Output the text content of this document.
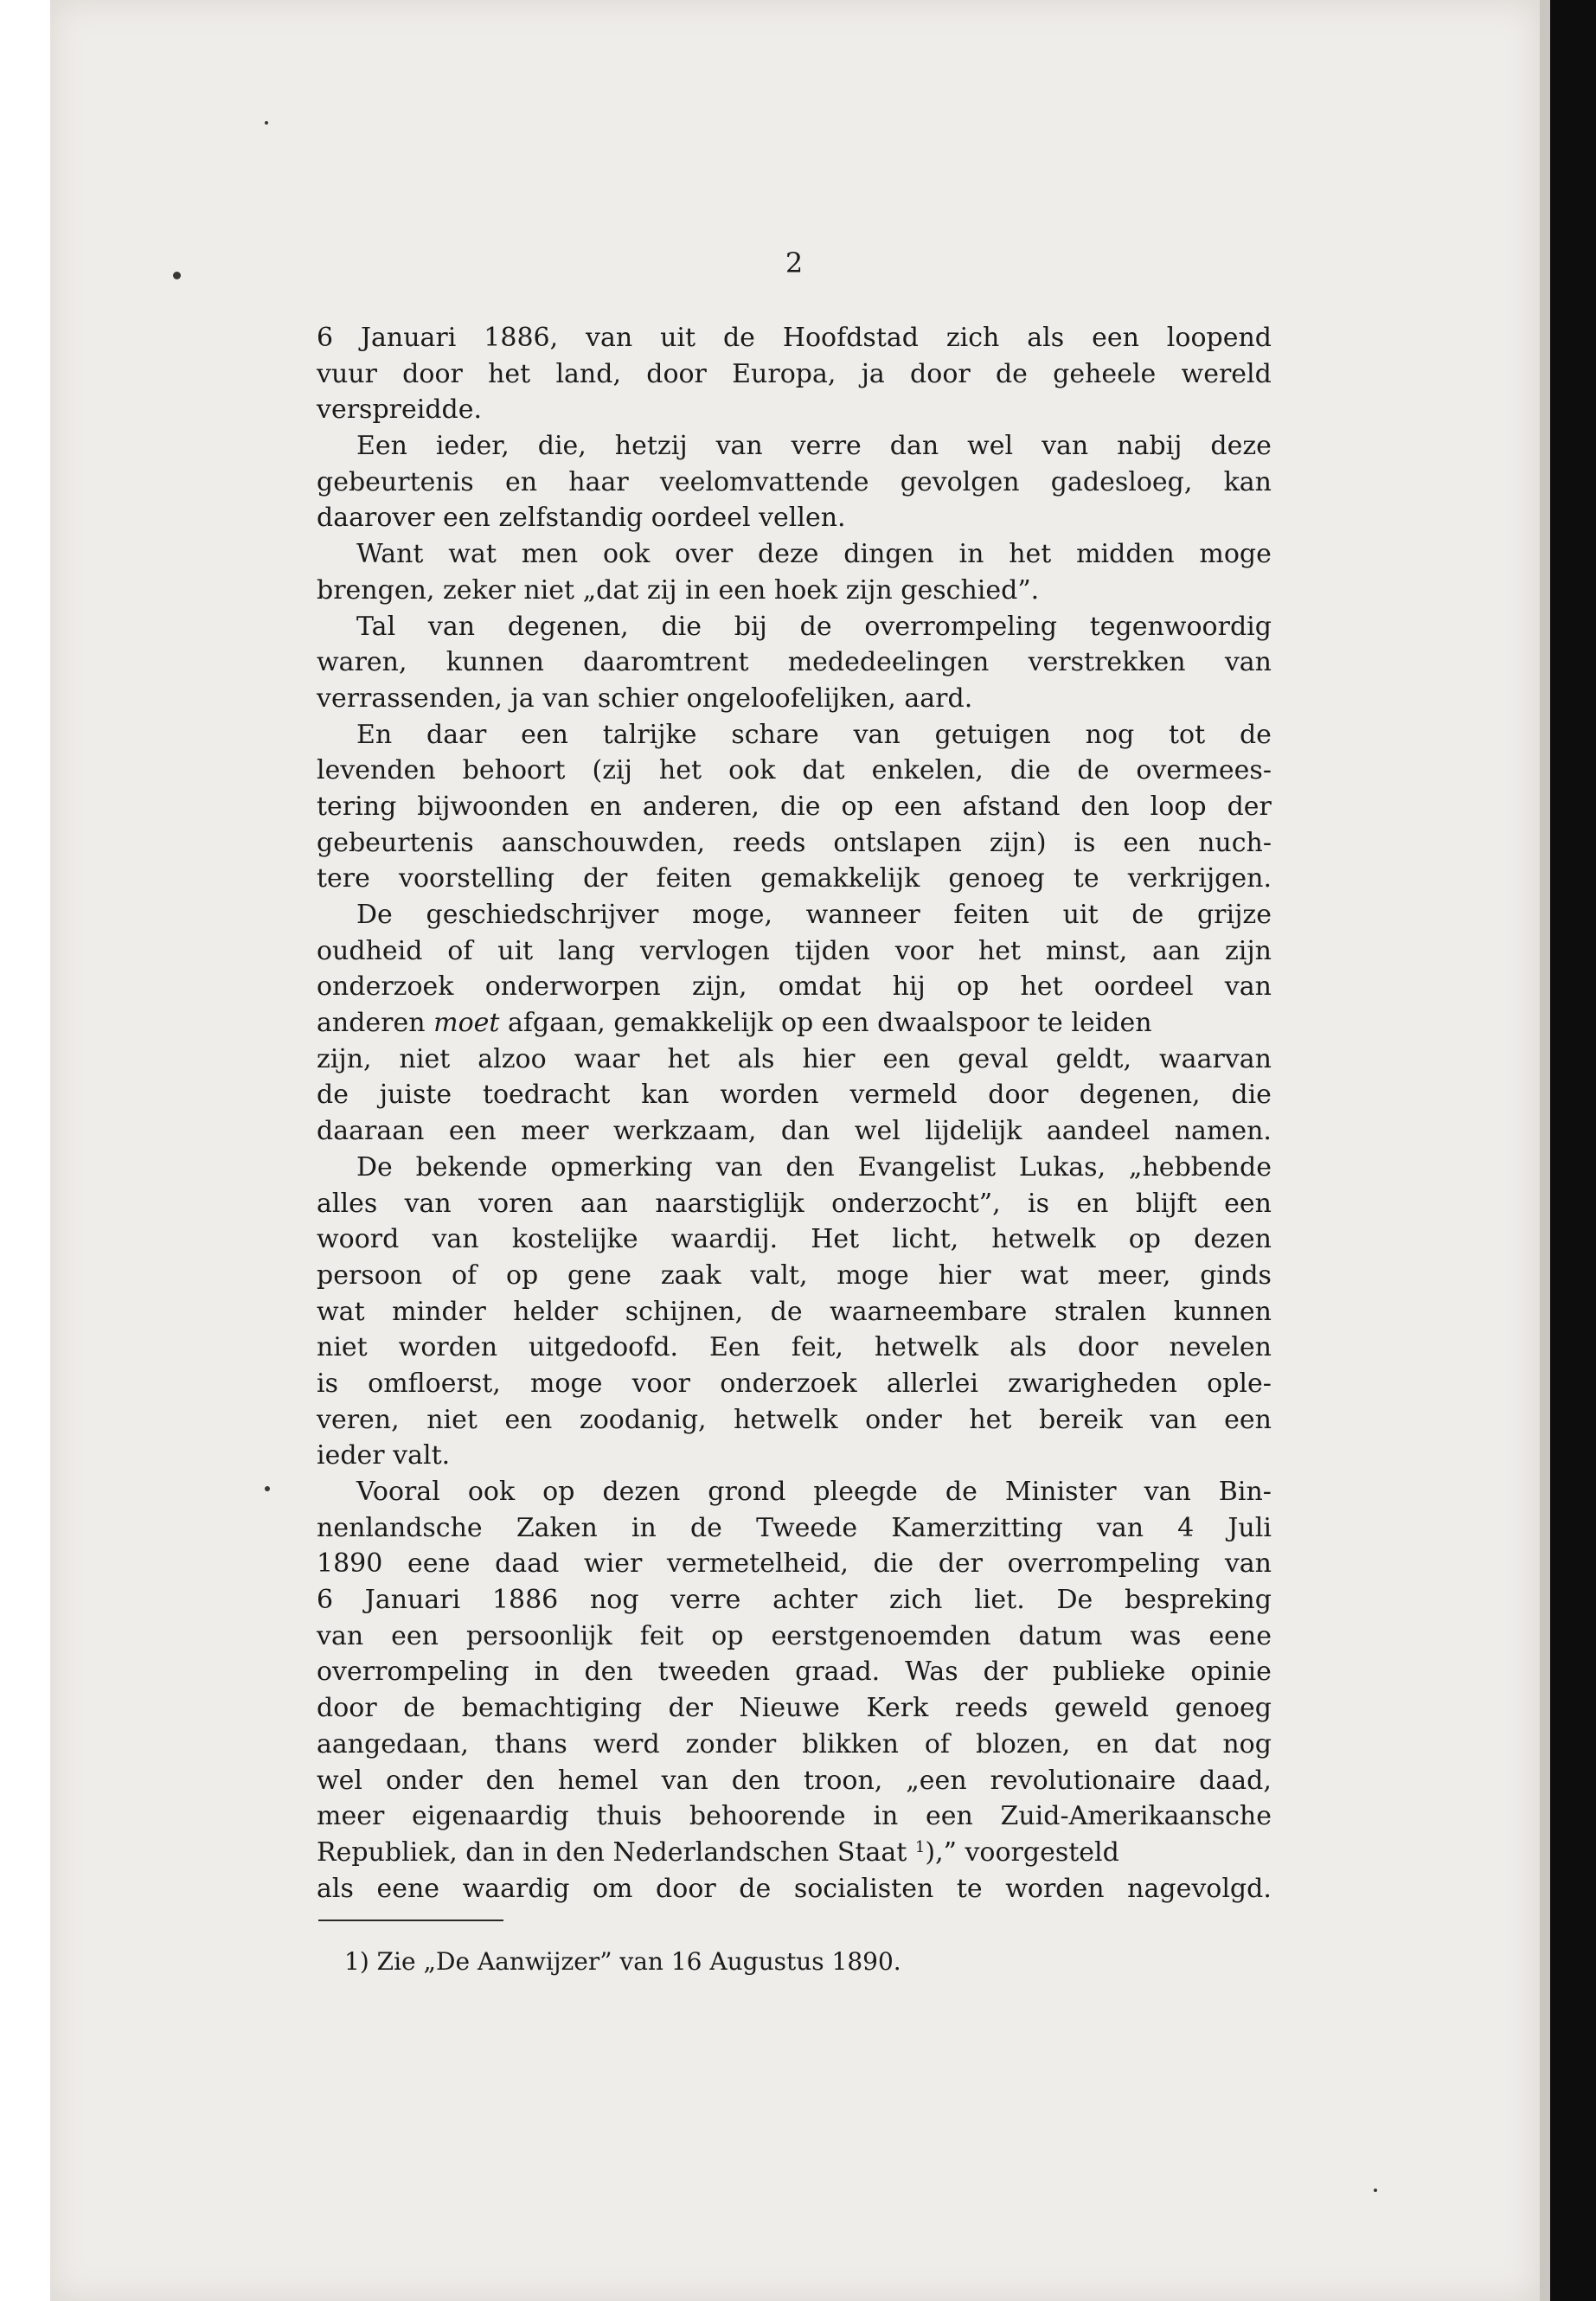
2
6 Januari 1886, van uit de Hoofdstad zich als een loopend
vuur door het land, door Europa, ja door de geheele wereld
verspreidde.
Een ieder, die, hetzij van verre dan wel van nabij deze
gebeurtenis en haar veelomvattende gevolgen gadesloeg, kan
daarover een zelfstandig oordeel vellen.
Want wat men ook over deze dingen in het midden moge
brengen, zeker niet „dat zij in een hoek zijn geschied”.
Tal van degenen, die bij de overrompeling tegenwoordig
waren, kunnen daaromtrent mededeelingen verstrekken van
verrassenden, ja van schier ongeloofelijken, aard.
En daar een talrijke schare van getuigen nog tot de
levenden behoort (zij het ook dat enkelen, die de overmees-
tering bijwoonden en anderen, die op een afstand den loop der
gebeurtenis aanschouwden, reeds ontslapen zijn) is een nuch-
tere voorstelling der feiten gemakkelijk genoeg te verkrijgen.
De geschiedschrijver moge, wanneer feiten uit de grijze
oudheid of uit lang vervlogen tijden voor het minst, aan zijn
onderzoek onderworpen zijn, omdat hij op het oordeel van
anderen moet afgaan, gemakkelijk op een dwaalspoor te leiden
zijn, niet alzoo waar het als hier een geval geldt, waarvan
de juiste toedracht kan worden vermeld door degenen, die
daaraan een meer werkzaam, dan wel lijdelijk aandeel namen.
De bekende opmerking van den Evangelist Lukas, „hebbende
alles van voren aan naarstiglijk onderzocht”, is en blijft een
woord van kostelijke waardij. Het licht, hetwelk op dezen
persoon of op gene zaak valt, moge hier wat meer, ginds
wat minder helder schijnen, de waarneembare stralen kunnen
niet worden uitgedoofd. Een feit, hetwelk als door nevelen
is omfloerst, moge voor onderzoek allerlei zwarigheden ople-
veren, niet een zoodanig, hetwelk onder het bereik van een
ieder valt.
Vooral ook op dezen grond pleegde de Minister van Bin-
nenlandsche Zaken in de Tweede Kamerzitting van 4 Juli
1890 eene daad wier vermetelheid, die der overrompeling van
6 Januari 1886 nog verre achter zich liet. De bespreking
van een persoonlijk feit op eerstgenoemden datum was eene
overrompeling in den tweeden graad. Was der publieke opinie
door de bemachtiging der Nieuwe Kerk reeds geweld genoeg
aangedaan, thans werd zonder blikken of blozen, en dat nog
wel onder den hemel van den troon, „een revolutionaire daad,
meer eigenaardig thuis behoorende in een Zuid-Amerikaansche
Republiek, dan in den Nederlandschen Staat $^1$),” voorgesteld
als eene waardig om door de socialisten te worden nagevolgd.
1) Zie „De Aanwijzer” van 16 Augustus 1890.
